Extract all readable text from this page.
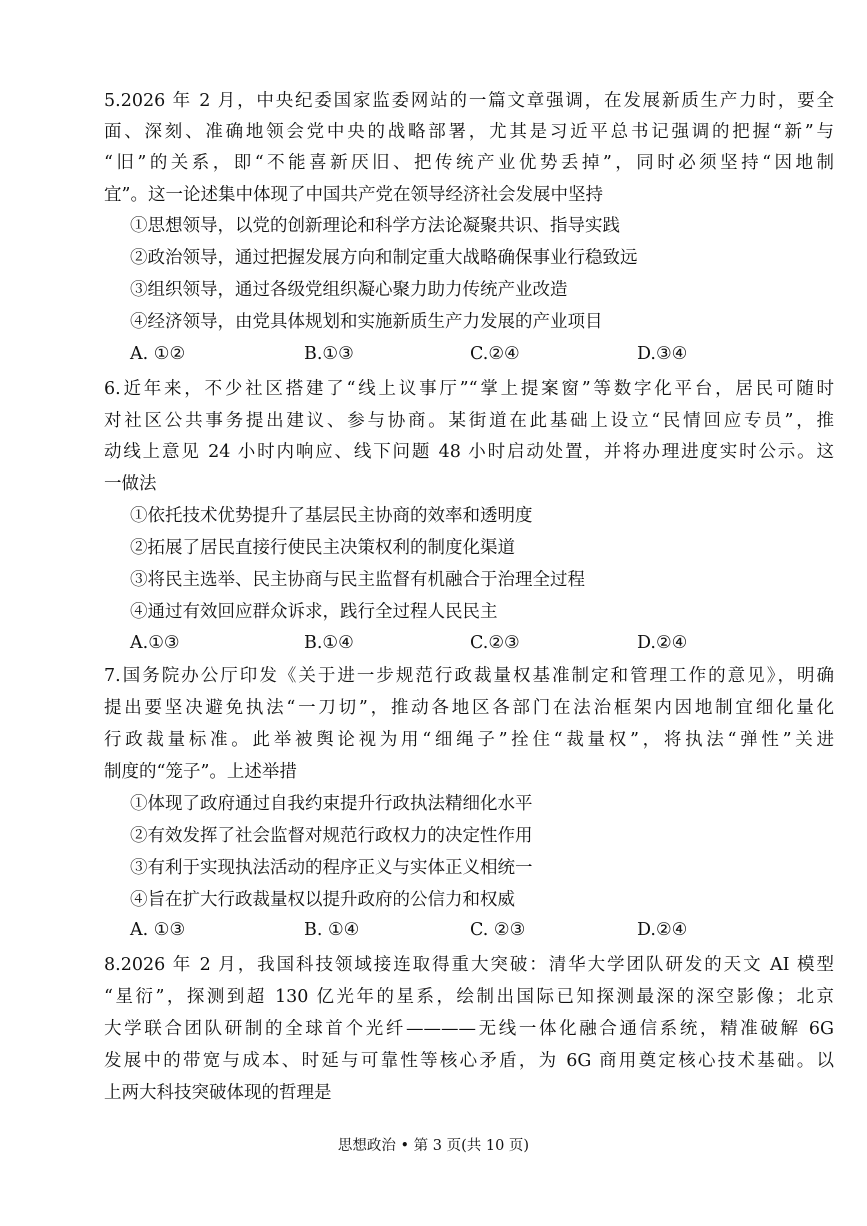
5.2026 年 2 月，中央纪委国家监委网站的一篇文章强调，在发展新质生产力时，要全
面、深刻、准确地领会党中央的战略部署，尤其是习近平总书记强调的把握“新”与
“旧”的关系，即“不能喜新厌旧、把传统产业优势丢掉”，同时必须坚持“因地制
宜”。这一论述集中体现了中国共产党在领导经济社会发展中坚持
①思想领导，以党的创新理论和科学方法论凝聚共识、指导实践
②政治领导，通过把握发展方向和制定重大战略确保事业行稳致远
③组织领导，通过各级党组织凝心聚力助力传统产业改造
④经济领导，由党具体规划和实施新质生产力发展的产业项目
A. ①②	B.①③	C.②④	D.③④
6.近年来，不少社区搭建了“线上议事厅”“掌上提案窗”等数字化平台，居民可随时
对社区公共事务提出建议、参与协商。某街道在此基础上设立“民情回应专员”，推
动线上意见 24 小时内响应、线下问题 48 小时启动处置，并将办理进度实时公示。这
一做法
①依托技术优势提升了基层民主协商的效率和透明度
②拓展了居民直接行使民主决策权利的制度化渠道
③将民主选举、民主协商与民主监督有机融合于治理全过程
④通过有效回应群众诉求，践行全过程人民民主
A.①③	B.①④	C.②③	D.②④
7.国务院办公厅印发《关于进一步规范行政裁量权基准制定和管理工作的意见》，明确
提出要坚决避免执法“一刀切”，推动各地区各部门在法治框架内因地制宜细化量化
行政裁量标准。此举被舆论视为用“细绳子”拴住“裁量权”，将执法“弹性”关进
制度的“笼子”。上述举措
①体现了政府通过自我约束提升行政执法精细化水平
②有效发挥了社会监督对规范行政权力的决定性作用
③有利于实现执法活动的程序正义与实体正义相统一
④旨在扩大行政裁量权以提升政府的公信力和权威
A. ①③	B. ①④	C. ②③	D.②④
8.2026 年 2 月，我国科技领域接连取得重大突破：清华大学团队研发的天文 AI 模型
“星衍”，探测到超 130 亿光年的星系，绘制出国际已知探测最深的深空影像；北京
大学联合团队研制的全球首个光纤————无线一体化融合通信系统，精准破解 6G
发展中的带宽与成本、时延与可靠性等核心矛盾，为 6G 商用奠定核心技术基础。以
上两大科技突破体现的哲理是
思想政治 • 第 3 页(共 10 页)
